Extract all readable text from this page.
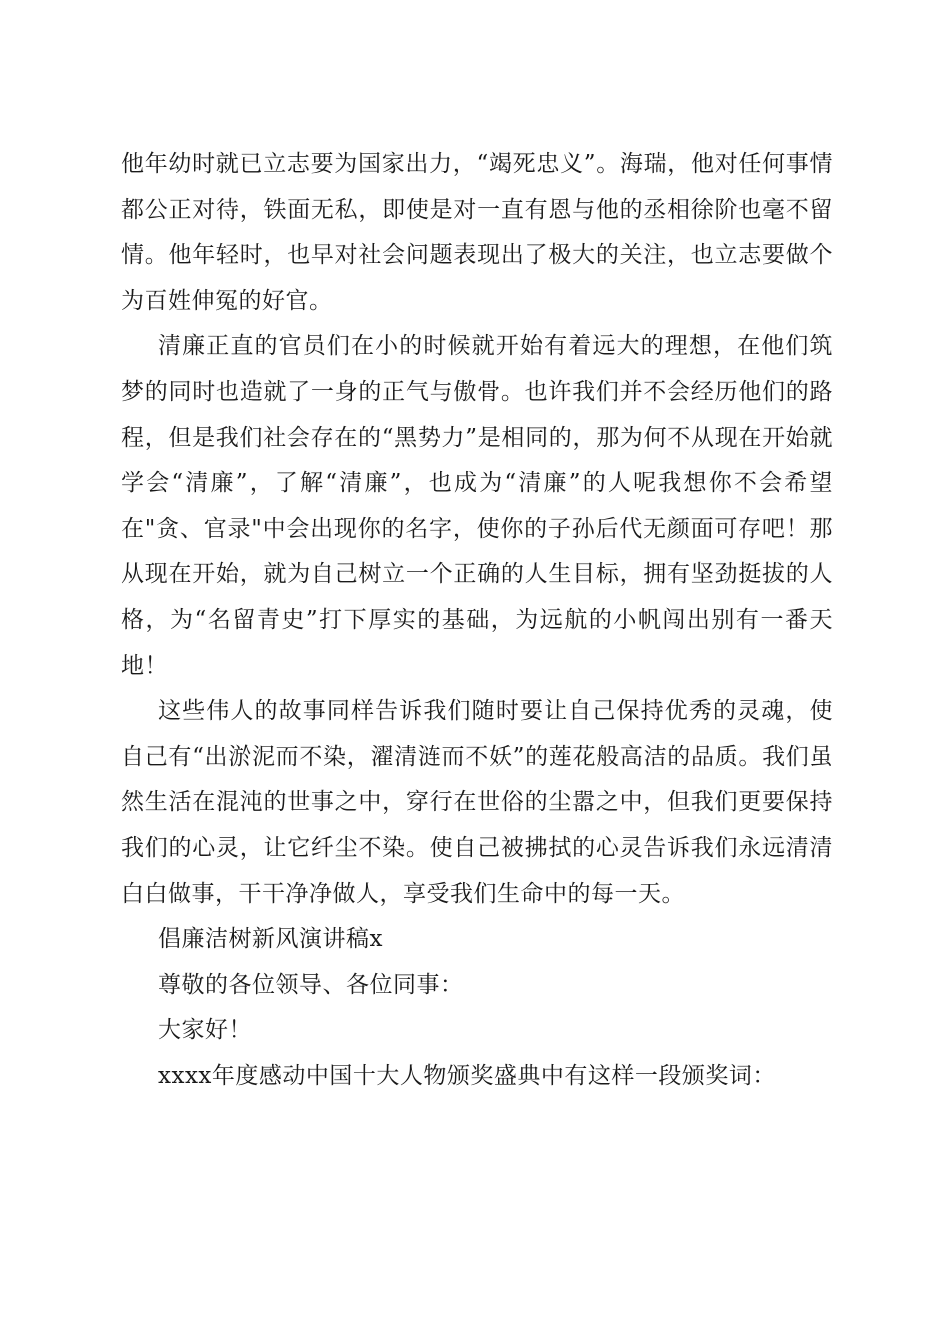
他年幼时就已立志要为国家出力，“竭死忠义”。海瑞，他对任何事情都公正对待，铁面无私，即使是对一直有恩与他的丞相徐阶也毫不留情。他年轻时，也早对社会问题表现出了极大的关注，也立志要做个为百姓伸冤的好官。

清廉正直的官员们在小的时候就开始有着远大的理想，在他们筑梦的同时也造就了一身的正气与傲骨。也许我们并不会经历他们的路程，但是我们社会存在的“黑势力”是相同的，那为何不从现在开始就学会“清廉”，了解“清廉”，也成为“清廉”的人呢我想你不会希望在"贪、官录"中会出现你的名字，使你的子孙后代无颜面可存吧！那从现在开始，就为自己树立一个正确的人生目标，拥有坚劲挺拔的人格，为“名留青史”打下厚实的基础，为远航的小帆闯出别有一番天地！

这些伟人的故事同样告诉我们随时要让自己保持优秀的灵魂，使自己有“出淤泥而不染，濯清涟而不妖”的莲花般高洁的品质。我们虽然生活在混沌的世事之中，穿行在世俗的尘嚣之中，但我们更要保持我们的心灵，让它纤尘不染。使自己被拂拭的心灵告诉我们永远清清白白做事，干干净净做人，享受我们生命中的每一天。

倡廉洁树新风演讲稿x

尊敬的各位领导、各位同事：

大家好！

xxxx年度感动中国十大人物颁奖盛典中有这样一段颁奖词：
